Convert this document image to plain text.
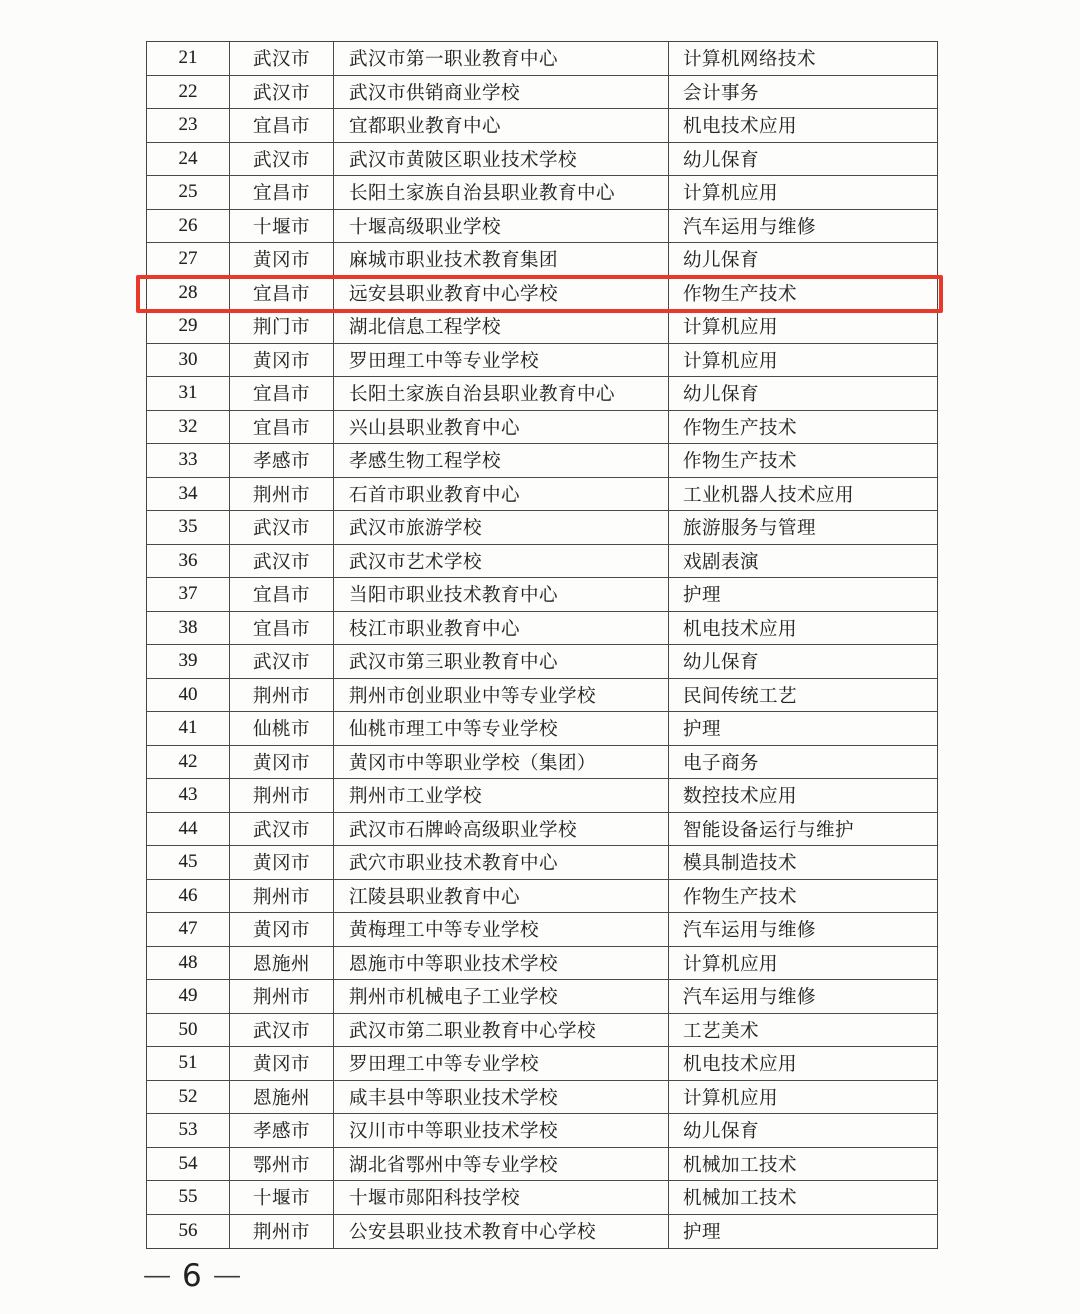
21	武汉市	武汉市第一职业教育中心	计算机网络技术
22	武汉市	武汉市供销商业学校	会计事务
23	宜昌市	宜都职业教育中心	机电技术应用
24	武汉市	武汉市黄陂区职业技术学校	幼儿保育
25	宜昌市	长阳土家族自治县职业教育中心	计算机应用
26	十堰市	十堰高级职业学校	汽车运用与维修
27	黄冈市	麻城市职业技术教育集团	幼儿保育
28	宜昌市	远安县职业教育中心学校	作物生产技术
29	荆门市	湖北信息工程学校	计算机应用
30	黄冈市	罗田理工中等专业学校	计算机应用
31	宜昌市	长阳土家族自治县职业教育中心	幼儿保育
32	宜昌市	兴山县职业教育中心	作物生产技术
33	孝感市	孝感生物工程学校	作物生产技术
34	荆州市	石首市职业教育中心	工业机器人技术应用
35	武汉市	武汉市旅游学校	旅游服务与管理
36	武汉市	武汉市艺术学校	戏剧表演
37	宜昌市	当阳市职业技术教育中心	护理
38	宜昌市	枝江市职业教育中心	机电技术应用
39	武汉市	武汉市第三职业教育中心	幼儿保育
40	荆州市	荆州市创业职业中等专业学校	民间传统工艺
41	仙桃市	仙桃市理工中等专业学校	护理
42	黄冈市	黄冈市中等职业学校（集团）	电子商务
43	荆州市	荆州市工业学校	数控技术应用
44	武汉市	武汉市石牌岭高级职业学校	智能设备运行与维护
45	黄冈市	武穴市职业技术教育中心	模具制造技术
46	荆州市	江陵县职业教育中心	作物生产技术
47	黄冈市	黄梅理工中等专业学校	汽车运用与维修
48	恩施州	恩施市中等职业技术学校	计算机应用
49	荆州市	荆州市机械电子工业学校	汽车运用与维修
50	武汉市	武汉市第二职业教育中心学校	工艺美术
51	黄冈市	罗田理工中等专业学校	机电技术应用
52	恩施州	咸丰县中等职业技术学校	计算机应用
53	孝感市	汉川市中等职业技术学校	幼儿保育
54	鄂州市	湖北省鄂州中等专业学校	机械加工技术
55	十堰市	十堰市郧阳科技学校	机械加工技术
56	荆州市	公安县职业技术教育中心学校	护理
— 6 —
